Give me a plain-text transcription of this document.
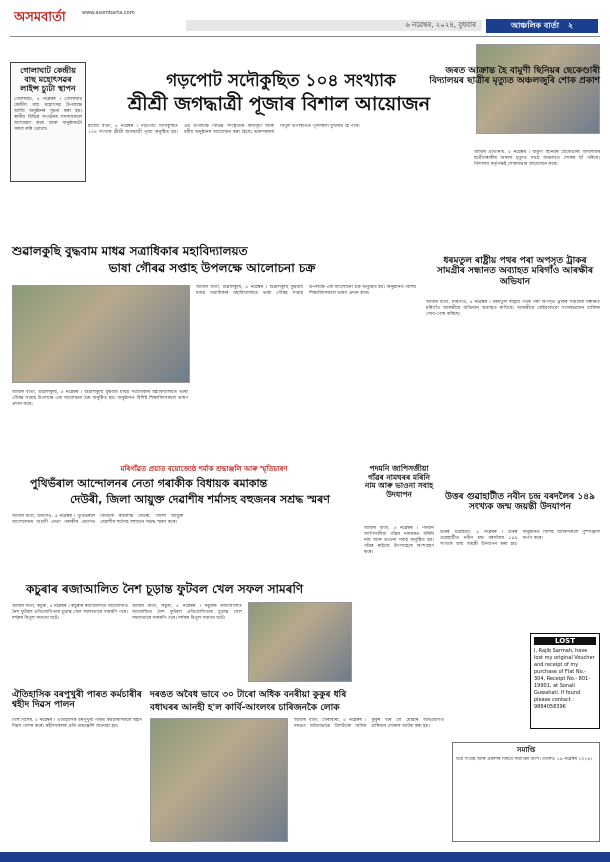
অসমবাৰ্তা	www.asombarta.com
৬ নৱেম্বৰ, ২০২৪, বুধবাৰ	আঞ্চলিক বাৰ্তা ২
গোলাঘাট কেন্দ্ৰীয় বাছ মহোৎসৱৰ লাইন্স চ্যুটা স্থাপন
গোলাঘাট, ৫ নৱেম্বৰ । গোলাঘাট কেন্দ্ৰীয় বাছ মহোৎসৱ উপলক্ষে আজি অনুষ্ঠানৰ সূচনা কৰা হয়। স্থানীয় বিভিন্ন সংগঠনৰ সদস্যসকলে অংশগ্ৰহণ কৰে আৰু অনুষ্ঠানটো সফল কৰি তোলে।
গড়পোট সদৌকুছিত ১০৪ সংখ্যাক
শ্ৰীশ্ৰী জগদ্ধাত্ৰী পূজাৰ বিশাল আয়োজন
হাজো বাৰ্তা, ৫ নৱেম্বৰ । গড়পোট সদৌকুছিত ১০৪ সংখ্যক শ্ৰীশ্ৰী জগদ্ধাত্ৰী পূজা অনুষ্ঠিত হয়। এই উপলক্ষে বিভিন্ন সাংস্কৃতিক কাৰ্যসূচী আৰু ধৰ্মীয় অনুষ্ঠানৰ আয়োজন কৰা হৈছে। ভক্তসকলৰ বিপুল উপস্থিতিত পূজাস্থলী মুখৰিত হৈ পৰে।
জৰত আক্ৰান্ত হৈ বামুণী ছিনিয়ৰ ছেকেণ্ডাৰী বিদ্যালয়ৰ ছাত্ৰীৰ মৃত্যুত অঞ্চলজুৰি শোক প্ৰকাশ
আমাৰ প্ৰতিনিধি, ৫ নৱেম্বৰ । বামুণী ছিনিয়ৰ ছেকেণ্ডাৰী বিদ্যালয়ৰ ছাত্ৰীগৰাকীৰ অকাল মৃত্যুত সমগ্ৰ অঞ্চলতে শোকৰ ছাঁ পৰিছে। বিদ্যালয় কৰ্তৃপক্ষই শোকসভাৰ আয়োজন কৰে।
শুৱালকুছি বুদ্ধবাম মাধৱ সত্ৰাধিকাৰ মহাবিদ্যালয়ত
ভাষা গৌৰৱ সপ্তাহ উপলক্ষে আলোচনা চক্ৰ
আমাৰ বাৰ্তা, শুৱালকুছি, ৫ নৱেম্বৰ । শুৱালকুছি বুদ্ধবাম মাধৱ সত্ৰাধিকাৰ মহাবিদ্যালয়ত ভাষা গৌৰৱ সপ্তাহ উপলক্ষে এক আলোচনা চক্ৰ অনুষ্ঠিত হয়। অনুষ্ঠানত বিশিষ্ট শিক্ষাবিদসকলে ভাষণ প্ৰদান কৰে।
আমাৰ বাৰ্তা, শুৱালকুছি, ৫ নৱেম্বৰ । শুৱালকুছি বুদ্ধবাম মাধৱ সত্ৰাধিকাৰ মহাবিদ্যালয়ত ভাষা গৌৰৱ সপ্তাহ উপলক্ষে এক আলোচনা চক্ৰ অনুষ্ঠিত হয়। অনুষ্ঠানত বিশিষ্ট শিক্ষাবিদসকলে ভাষণ প্ৰদান কৰে।
ধৰমতুল ৰাষ্ট্ৰীয় পথৰ পৰা অপসৃত ট্ৰাকৰ সামগ্ৰীৰ সন্ধানত অব্যাহত মৰিগাঁও আৰক্ষীৰ অভিযান
আমাৰ বাৰ্তা, মৰিগাঁও, ৫ নৱেম্বৰ । ধৰমতুল ৰাষ্ট্ৰীয় পথৰ পৰা অপসৃত ট্ৰাকৰ সামগ্ৰীৰ সন্ধানত মৰিগাঁও আৰক্ষীয়ে অভিযান অব্যাহত ৰাখিছে। আৰক্ষীয়ে কেইবাজনো সন্দেহভাজন ব্যক্তিক সোধ-পোছ কৰিছে।
মৰিগাঁৱত প্ৰয়াত বয়োজ্যেষ্ঠ শৰ্মাক শ্ৰদ্ধাঞ্জলি আৰু স্মৃতিচাৰণ
পুথিভঁৰাল আন্দোলনৰ নেতা গৰাকীক বিধায়ক ৰমাকান্ত
দেউৰী, জিলা আয়ুক্ত দেৱাশীষ শৰ্মাসহ বহুজনৰ সশ্ৰদ্ধ স্মৰণ
আমাৰ বাৰ্তা, মৰিগাঁও, ৫ নৱেম্বৰ । পুথিভঁৰাল আন্দোলনৰ অগ্ৰণী নেতা গৰাকীৰ প্ৰয়াণত বিধায়ক ৰমাকান্ত দেউৰী, জিলা আয়ুক্ত দেৱাশীষ শৰ্মাসহ বহুজনে সশ্ৰদ্ধ স্মৰণ কৰে।
পদমনি জাপিসজীয়া গাঁৱৰ নামঘৰৰ মৰিনি নাম আৰু ভাওনা সবাহ উদযাপন
আমাৰ বাৰ্তা, ৫ নৱেম্বৰ । পদমনি জাপিসজীয়া গাঁৱৰ নামঘৰত মৰিনি নাম আৰু ভাওনা সবাহ অনুষ্ঠিত হয়। গাঁৱৰ ৰাইজে উৎসাহেৰে অংশগ্ৰহণ কৰে।
উত্তৰ গুৱাহাটীত নবীন চন্দ্ৰ বৰদলৈৰ ১৪৯ সংখ্যক জন্ম জয়ন্তী উদযাপন
উত্তৰ গুৱাহাটী, ৫ নৱেম্বৰ । উত্তৰ গুৱাহাটীত নবীন চন্দ্ৰ বৰদলৈৰ ১৪৯ সংখ্যক জন্ম জয়ন্তী উদযাপন কৰা হয়। অনুষ্ঠানত বিশিষ্ট ব্যক্তিসকলে পুষ্পাঞ্জলি অৰ্পণ কৰে।
কচুৰাৰ ৰজাআলিত নৈশ চূড়ান্ত ফুটবল খেল সফল সামৰণি
আমাৰ বাৰ্তা, কচুৰা, ৫ নৱেম্বৰ । কচুৰাৰ ৰজাআলিত আয়োজিত নৈশ ফুটবল প্ৰতিযোগিতাৰ চূড়ান্ত খেল সফলতাৰে সামৰণি পৰে। দৰ্শকৰ বিপুল সমাগম ঘটে।
আমাৰ বাৰ্তা, কচুৰা, ৫ নৱেম্বৰ । কচুৰাৰ ৰজাআলিত আয়োজিত নৈশ ফুটবল প্ৰতিযোগিতাৰ চূড়ান্ত খেল সফলতাৰে সামৰণি পৰে। দৰ্শকৰ বিপুল সমাগম ঘটে।
ঐতিহাসিক বৰপুখুৰী পাৰত কৰ্মচাৰীৰ শ্বহীদ দিৱস পালন
তিহু বিশেষ, ৫ নৱেম্বৰ । ঐতিহাসিক বৰপুখুৰী পাৰত কৰ্মচাৰীসকলে শ্বহীদ দিৱস পালন কৰে। শ্বহীদসকলৰ প্ৰতি শ্ৰদ্ধাঞ্জলি জনোৱা হয়।
দৰঙত অবৈধ ভাবে ৩০ টাৰো অধিক বনৰীয়া কুকুৰ ধৰি
বধাঘৰৰ আনহী হ'ল কাৰ্বি-আংলংৰ চাৰিজনকৈ লোক
আমাৰ বাৰ্তা, খৈৰাবাৰী, ৫ নৱেম্বৰ । দৰঙত অবৈধভাৱে ত্ৰিশটাৰো অধিক কুকুৰ ধৰি লৈ যোৱাৰ অভিযোগত চাৰিজন লোকক আটক কৰা হয়।
LOST
I, Rajib Sarmah, have lost my original Voucher and receipt of my purchase of Flat No.- 304, Receipt No.- 801-19901, at Sonali Guwahati. If found please contact : 9864058396
সমাপ্তি
চিত্ৰ সংগ্ৰহ আৰু প্ৰকাশৰ বিষয়ে সমাপ্তিৰ অংশ। তাৰিখ: ১৯ নৱেম্বৰ ২০২৪।
